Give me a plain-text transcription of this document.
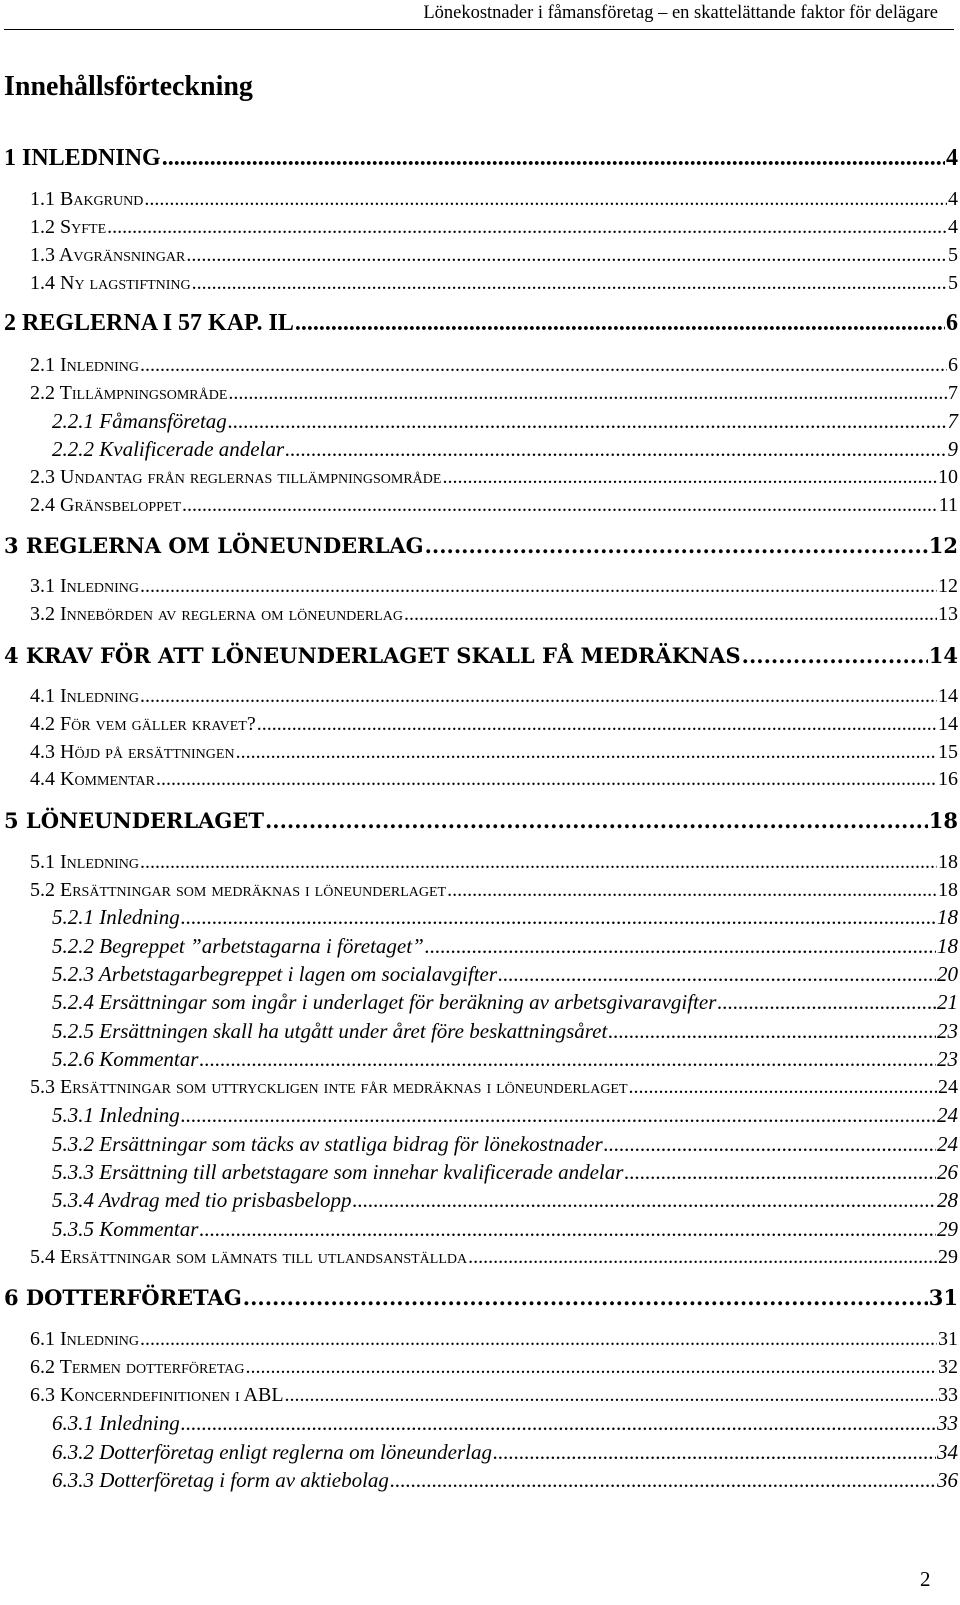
Lönekostnader i fåmansföretag – en skattelättande faktor för delägare
Innehållsförteckning
1 INLEDNING .....	4
1.1 Bakgrund .....	4
1.2 Syfte .....	4
1.3 Avgränsningar .....	5
1.4 Ny lagstiftning .....	5
2 REGLERNA I 57 KAP. IL .....	6
2.1 Inledning .....	6
2.2 Tillämpningsområde .....	7
2.2.1 Fåmansföretag .....	7
2.2.2 Kvalificerade andelar .....	9
2.3 Undantag från reglernas tillämpningsområde .....	10
2.4 Gränsbeloppet .....	11
3 REGLERNA OM LÖNEUNDERLAG .....	12
3.1 Inledning .....	12
3.2 Innebörden av reglerna om löneunderlag .....	13
4 KRAV FÖR ATT LÖNEUNDERLAGET SKALL FÅ MEDRÄKNAS .....	14
4.1 Inledning .....	14
4.2 För vem gäller kravet? .....	14
4.3 Höjd på ersättningen .....	15
4.4 Kommentar .....	16
5 LÖNEUNDERLAGET .....	18
5.1 Inledning .....	18
5.2 Ersättningar som medräknas i löneunderlaget .....	18
5.2.1 Inledning .....	18
5.2.2 Begreppet ”arbetstagarna i företaget” .....	18
5.2.3 Arbetstagarbegreppet i lagen om socialavgifter .....	20
5.2.4 Ersättningar som ingår i underlaget för beräkning av arbetsgivaravgifter .....	21
5.2.5 Ersättningen skall ha utgått under året före beskattningsåret .....	23
5.2.6 Kommentar .....	23
5.3 Ersättningar som uttryckligen inte får medräknas i löneunderlaget .....	24
5.3.1 Inledning .....	24
5.3.2 Ersättningar som täcks av statliga bidrag för lönekostnader .....	24
5.3.3 Ersättning till arbetstagare som innehar kvalificerade andelar .....	26
5.3.4 Avdrag med tio prisbasbelopp .....	28
5.3.5 Kommentar .....	29
5.4 Ersättningar som lämnats till utlandsanställda .....	29
6 DOTTERFÖRETAG .....	31
6.1 Inledning .....	31
6.2 Termen dotterföretag .....	32
6.3 Koncerndefinitionen i ABL .....	33
6.3.1 Inledning .....	33
6.3.2 Dotterföretag enligt reglerna om löneunderlag .....	34
6.3.3 Dotterföretag i form av aktiebolag .....	36
2
